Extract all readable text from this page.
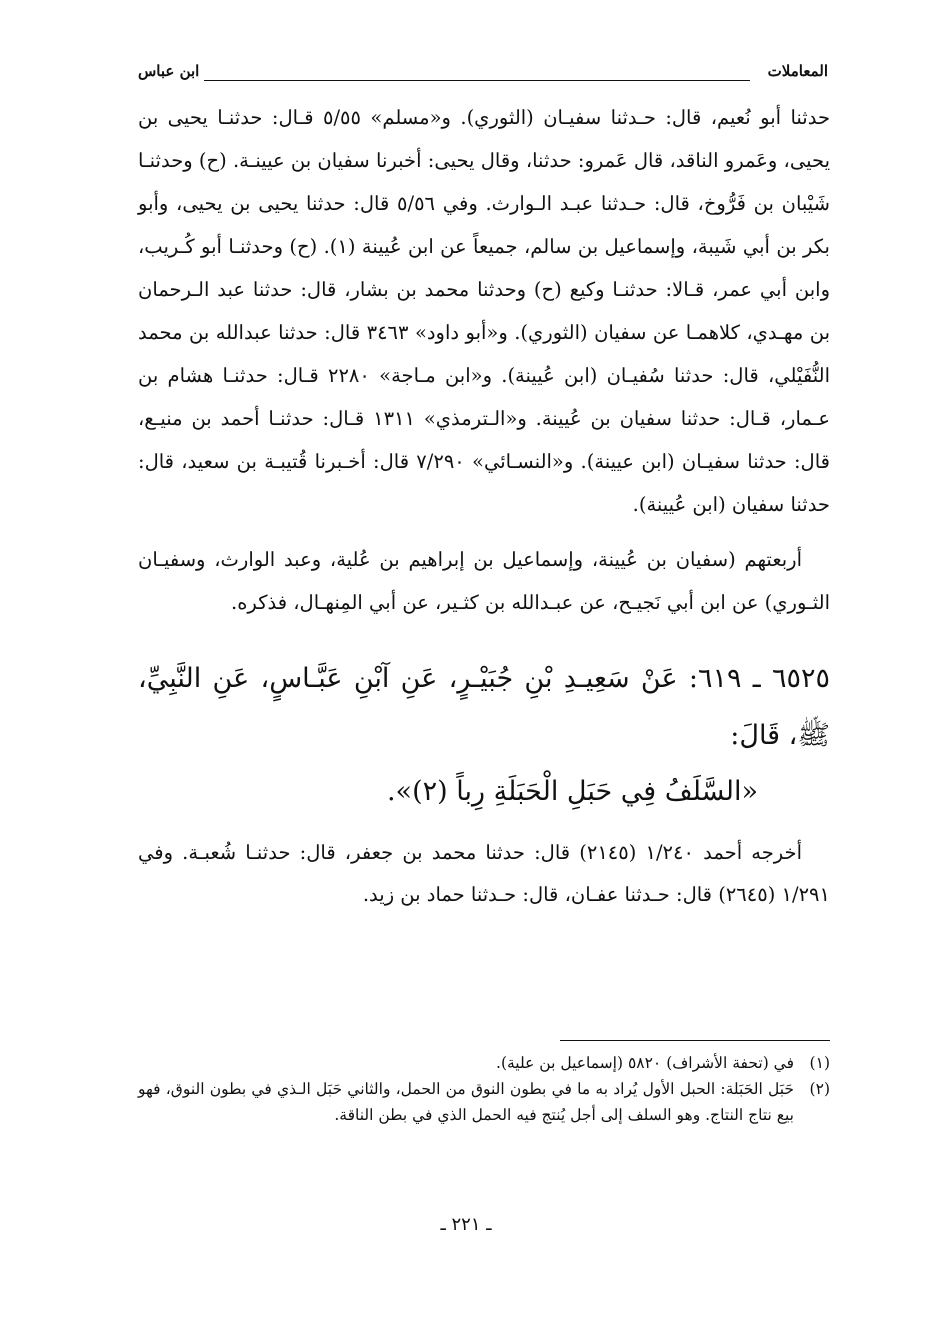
المعاملات
ابن عباس

حدثنا أبو نُعيم، قال: حـدثنا سفيـان (الثوري). و«مسلم» ٥/٥٥ قـال: حدثنـا يحيى بن يحيى، وعَمرو الناقد، قال عَمرو: حدثنا، وقال يحيى: أخبرنا سفيان بن عيينـة. (ح) وحدثنـا شَيْبان بن فَرُّوخ، قال: حـدثنا عبـد الـوارث. وفي ٥/٥٦ قال: حدثنا يحيى بن يحيى، وأبو بكر بن أبي شَيبة، وإسماعيل بن سالم، جميعاً عن ابن عُيينة (١). (ح) وحدثنـا أبو كُـريب، وابن أبي عمر، قـالا: حدثنـا وكيع (ح) وحدثنا محمد بن بشار، قال: حدثنا عبد الـرحمان بن مهـدي، كلاهمـا عن سفيان (الثوري). و«أبو داود» ٣٤٦٣ قال: حدثنا عبدالله بن محمد النُّفَيْلي، قال: حدثنا سُفيـان (ابن عُيينة). و«ابن مـاجة» ٢٢٨٠ قـال: حدثنـا هشام بن عـمار، قـال: حدثنا سفيان بن عُيينة. و«الـترمذي» ١٣١١ قـال: حدثنـا أحمد بن منيـع، قال: حدثنا سفيـان (ابن عيينة). و«النسـائي» ٧/٢٩٠ قال: أخـبرنا قُتيبـة بن سعيد، قال: حدثنا سفيان (ابن عُيينة).

أربعتهم (سفيان بن عُيينة، وإسماعيل بن إبراهيم بن عُلية، وعبد الوارث، وسفيـان الثـوري) عن ابن أبي نَجيـح، عن عبـدالله بن كثـير، عن أبي المِنهـال، فذكره.

٦٥٢٥ ـ ٦١٩: عَنْ سَعِيـدِ بْنِ جُبَيْـرٍ، عَنِ آبْنِ عَبَّـاسٍ، عَنِ النَّبِيِّ، ﷺ، قَالَ:

«السَّلَفُ فِي حَبَلِ الْحَبَلَةِ رِباً (٢)».

أخرجه أحمد ١/٢٤٠ (٢١٤٥) قال: حدثنا محمد بن جعفر، قال: حدثنـا شُعبـة. وفي ١/٢٩١ (٢٦٤٥) قال: حـدثنا عفـان، قال: حـدثنا حماد بن زيد.

(١)
في (تحفة الأشراف) ٥٨٢٠ (إسماعيل بن علية).
(٢)
حَبَل الحَبَلة: الحبل الأول يُراد به ما في بطون النوق من الحمل، والثاني حَبَل الـذي في بطون النوق، فهو بيع نتاج النتاج. وهو السلف إلى أجل يُنتج فيه الحمل الذي في بطن الناقة.
ـ ٢٢١ ـ
